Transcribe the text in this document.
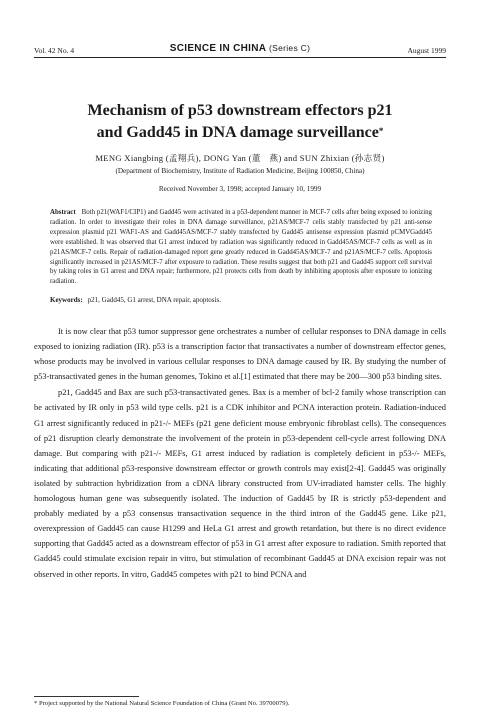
Vol. 42 No. 4	SCIENCE IN CHINA (Series C)	August 1999
Mechanism of p53 downstream effectors p21
and Gadd45 in DNA damage surveillance*
MENG Xiangbing (孟翔兵), DONG Yan (董　燕) and SUN Zhixian (孙志贤)
(Department of Biochemistry, Institute of Radiation Medicine, Beijing 100850, China)
Received November 3, 1998; accepted January 10, 1999
Abstract Both p21(WAF1/CIP1) and Gadd45 were activated in a p53-dependent manner in MCF-7 cells after being exposed to ionizing radiation. In order to investigate their roles in DNA damage surveillance, p21AS/MCF-7 cells stably transfected by p21 anti-sense expression plasmid p21 WAF1-AS and Gadd45AS/MCF-7 stably transfected by Gadd45 antisense expression plasmid pCMVGadd45 were established. It was observed that G1 arrest induced by radiation was significantly reduced in Gadd45AS/MCF-7 cells as well as in p21AS/MCF-7 cells. Repair of radiation-damaged report gene greatly reduced in Gadd45AS/MCF-7 and p21AS/MCF-7 cells. Apoptosis significantly increased in p21AS/MCF-7 after exposure to radiation. These results suggest that both p21 and Gadd45 support cell survival by taking roles in G1 arrest and DNA repair; furthermore, p21 protects cells from death by inhibiting apoptosis after exposure to ionizing radiation.
Keywords: p21, Gadd45, G1 arrest, DNA repair, apoptosis.

It is now clear that p53 tumor suppressor gene orchestrates a number of cellular responses to DNA damage in cells exposed to ionizing radiation (IR). p53 is a transcription factor that transactivates a number of downstream effector genes, whose products may be involved in various cellular responses to DNA damage caused by IR. By studying the number of p53-transactivated genes in the human genomes, Tokino et al.[1] estimated that there may be 200—300 p53 binding sites.

p21, Gadd45 and Bax are such p53-transactivated genes. Bax is a member of bcl-2 family whose transcription can be activated by IR only in p53 wild type cells. p21 is a CDK inhibitor and PCNA interaction protein. Radiation-induced G1 arrest significantly reduced in p21-/- MEFs (p21 gene deficient mouse embryonic fibroblast cells). The consequences of p21 disruption clearly demonstrate the involvement of the protein in p53-dependent cell-cycle arrest following DNA damage. But comparing with p21-/- MEFs, G1 arrest induced by radiation is completely deficient in p53-/- MEFs, indicating that additional p53-responsive downstream effector or growth controls may exist[2-4]. Gadd45 was originally isolated by subtraction hybridization from a cDNA library constructed from UV-irradiated hamster cells. The highly homologous human gene was subsequently isolated. The induction of Gadd45 by IR is strictly p53-dependent and probably mediated by a p53 consensus transactivation sequence in the third intron of the Gadd45 gene. Like p21, overexpression of Gadd45 can cause H1299 and HeLa G1 arrest and growth retardation, but there is no direct evidence supporting that Gadd45 acted as a downstream effector of p53 in G1 arrest after exposure to radiation. Smith reported that Gadd45 could stimulate excision repair in vitro, but stimulation of recombinant Gadd45 at DNA excision repair was not observed in other reports. In vitro, Gadd45 competes with p21 to bind PCNA and

* Project supported by the National Natural Science Foundation of China (Grant No. 39700079).
